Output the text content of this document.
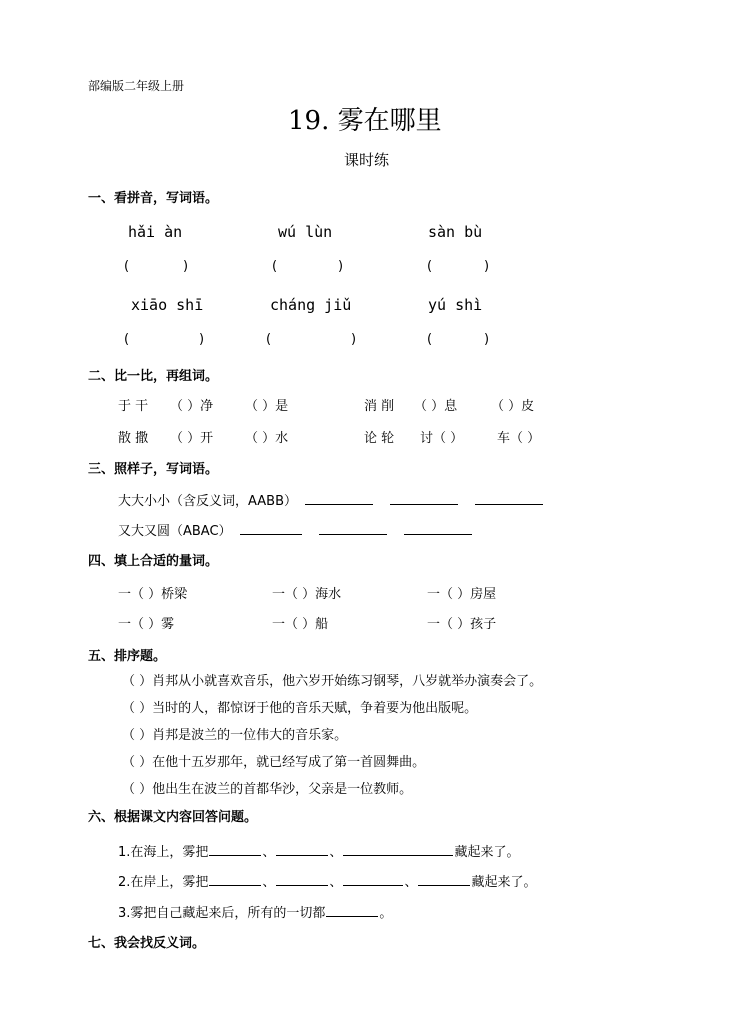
部编版二年级上册
19. 雾在哪里
课时练
一、看拼音，写词语。
hǎi àn	wú lùn	sàn bù
(	)	(	)	(	)
xiāo shī	cháng jiǔ	yú shì
(	)	(	)	(	)
二、比一比，再组词。
于 干 （ ）净 （ ）是	消 削 （ ）息	（ ）皮
散 撒 （ ）开 （ ）水	论 轮 讨（ ）	车（ ）
三、照样子，写词语。
大大小小（含反义词，AABB）
又大又圆（ABAC）
四、填上合适的量词。
一（ ）桥梁	一（ ）海水	一（ ）房屋
一（ ）雾	一（ ）船	一（ ）孩子
五、排序题。
（ ）肖邦从小就喜欢音乐，他六岁开始练习钢琴，八岁就举办演奏会了。
（ ）当时的人，都惊讶于他的音乐天赋，争着要为他出版呢。
（ ）肖邦是波兰的一位伟大的音乐家。
（ ）在他十五岁那年，就已经写成了第一首圆舞曲。
（ ）他出生在波兰的首都华沙，父亲是一位教师。
六、根据课文内容回答问题。
1.在海上，雾把	、	、	藏起来了。
2.在岸上，雾把	、	、	、	藏起来了。
3.雾把自己藏起来后，所有的一切都	。
七、我会找反义词。
